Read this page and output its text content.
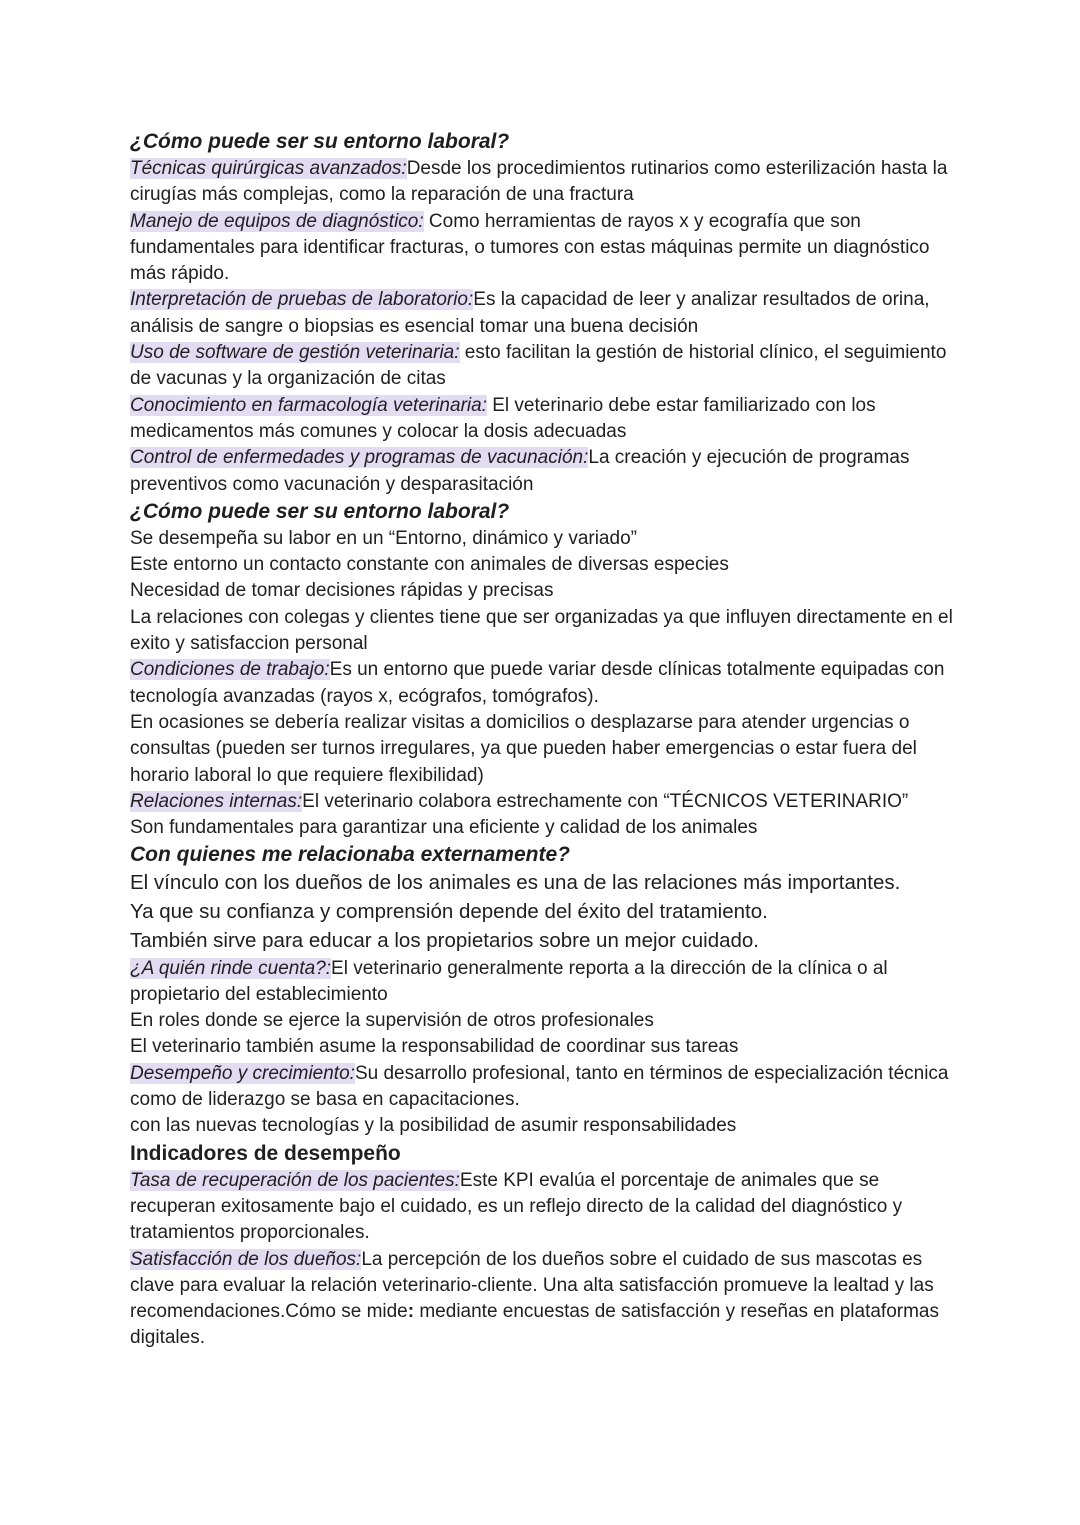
¿Cómo puede ser su entorno laboral?

Técnicas quirúrgicas avanzados:Desde los procedimientos rutinarios como esterilización hasta la cirugías más complejas, como la reparación de una fractura

Manejo de equipos de diagnóstico: Como herramientas de rayos x y ecografía que son fundamentales para identificar fracturas, o tumores con estas máquinas permite un diagnóstico más rápido.

Interpretación de pruebas de laboratorio:Es la capacidad de leer y analizar resultados de orina, análisis de sangre o biopsias es esencial tomar una buena decisión

Uso de software de gestión veterinaria: esto facilitan la gestión de historial clínico, el seguimiento de vacunas y la organización de citas

Conocimiento en farmacología veterinaria: El veterinario debe estar familiarizado con los medicamentos más comunes y colocar la dosis adecuadas

Control de enfermedades y programas de vacunación:La creación y ejecución de programas preventivos como vacunación y desparasitación

¿Cómo puede ser su entorno laboral?

Se desempeña su labor en un “Entorno, dinámico y variado”

Este entorno un contacto constante con animales de diversas especies

Necesidad de tomar decisiones rápidas y precisas

La relaciones con colegas y clientes tiene que ser organizadas ya que influyen directamente en el exito y satisfaccion personal

Condiciones de trabajo:Es un entorno que puede variar desde clínicas totalmente equipadas con tecnología avanzadas (rayos x, ecógrafos, tomógrafos).

En ocasiones se debería realizar visitas a domicilios o desplazarse para atender urgencias o consultas (pueden ser turnos irregulares, ya que pueden haber emergencias o estar fuera del horario laboral lo que requiere flexibilidad)

Relaciones internas:El veterinario colabora estrechamente con “TÉCNICOS VETERINARIO”

Son fundamentales para garantizar una eficiente y calidad de los animales

Con quienes me relacionaba externamente?

El vínculo con los dueños de los animales es una de las relaciones más importantes.

Ya que su confianza y comprensión depende del éxito del tratamiento.

También sirve para educar a los propietarios sobre un mejor cuidado.

¿A quién rinde cuenta?:El veterinario generalmente reporta a la dirección de la clínica o al propietario del establecimiento

En roles donde se ejerce la supervisión de otros profesionales

El veterinario también asume la responsabilidad de coordinar sus tareas

Desempeño y crecimiento:Su desarrollo profesional, tanto en términos de especialización técnica como de liderazgo se basa en capacitaciones.

con las nuevas tecnologías y la posibilidad de asumir responsabilidades

Indicadores de desempeño

Tasa de recuperación de los pacientes:Este KPI evalúa el porcentaje de animales que se recuperan exitosamente bajo el cuidado, es un reflejo directo de la calidad del diagnóstico y tratamientos proporcionales.

Satisfacción de los dueños:La percepción de los dueños sobre el cuidado de sus mascotas es clave para evaluar la relación veterinario-cliente. Una alta satisfacción promueve la lealtad y las recomendaciones.Cómo se mide: mediante encuestas de satisfacción y reseñas en plataformas digitales.
